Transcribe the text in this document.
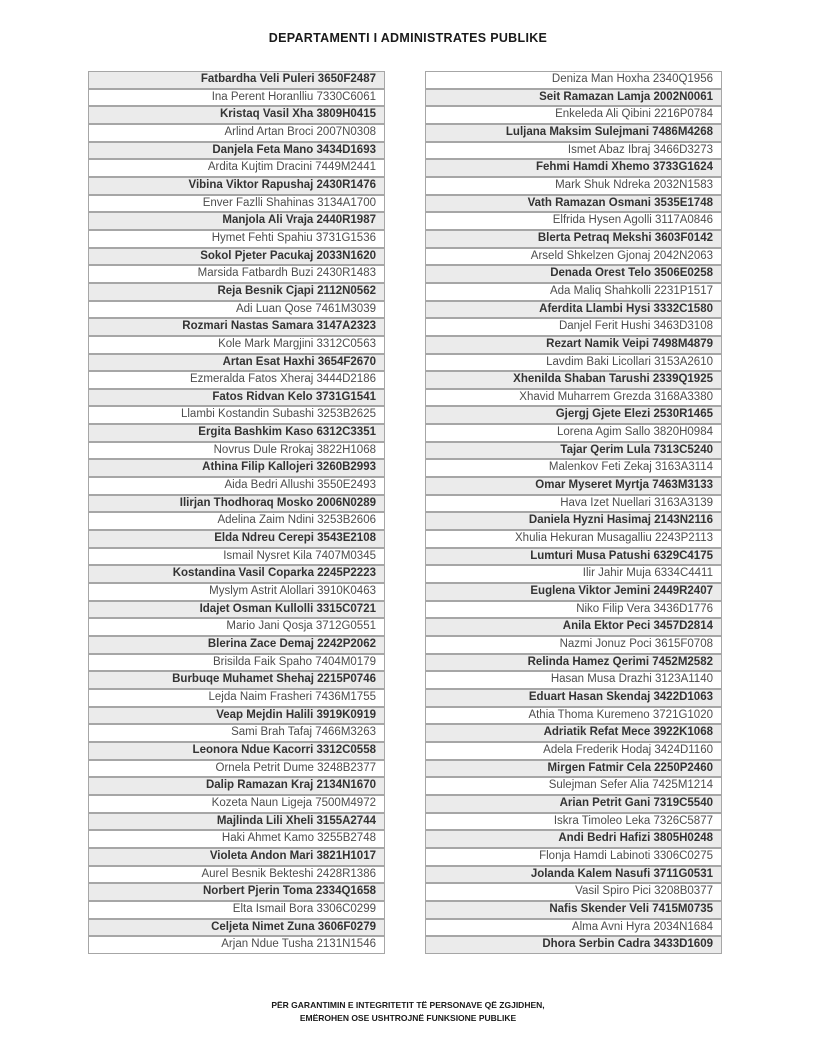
DEPARTAMENTI I ADMINISTRATES PUBLIKE
Fatbardha Veli Puleri 3650F2487
Ina Perent Horanlliu 7330C6061
Kristaq Vasil Xha 3809H0415
Arlind Artan Broci 2007N0308
Danjela Feta Mano 3434D1693
Ardita Kujtim Dracini 7449M2441
Vibina Viktor Rapushaj 2430R1476
Enver Fazlli Shahinas 3134A1700
Manjola Ali Vraja 2440R1987
Hymet Fehti Spahiu 3731G1536
Sokol Pjeter Pacukaj 2033N1620
Marsida Fatbardh Buzi 2430R1483
Reja Besnik Cjapi 2112N0562
Adi Luan Qose 7461M3039
Rozmari Nastas Samara 3147A2323
Kole Mark Margjini 3312C0563
Artan Esat Haxhi 3654F2670
Ezmeralda Fatos Xheraj 3444D2186
Fatos Ridvan Kelo 3731G1541
Llambi Kostandin Subashi 3253B2625
Ergita Bashkim Kaso 6312C3351
Novrus Dule Rrokaj 3822H1068
Athina Filip Kallojeri 3260B2993
Aida Bedri Allushi 3550E2493
Ilirjan Thodhoraq Mosko 2006N0289
Adelina Zaim Ndini 3253B2606
Elda Ndreu Cerepi 3543E2108
Ismail Nysret Kila 7407M0345
Kostandina Vasil Coparka 2245P2223
Myslym Astrit Alollari 3910K0463
Idajet Osman Kullolli 3315C0721
Mario Jani Qosja 3712G0551
Blerina Zace Demaj 2242P2062
Brisilda Faik Spaho 7404M0179
Burbuqe Muhamet Shehaj 2215P0746
Lejda Naim Frasheri 7436M1755
Veap Mejdin Halili 3919K0919
Sami Brah Tafaj 7466M3263
Leonora Ndue Kacorri 3312C0558
Ornela Petrit Dume 3248B2377
Dalip Ramazan Kraj 2134N1670
Kozeta Naun Ligeja 7500M4972
Majlinda Lili Xheli 3155A2744
Haki Ahmet Kamo 3255B2748
Violeta Andon Mari 3821H1017
Aurel Besnik Bekteshi 2428R1386
Norbert Pjerin Toma 2334Q1658
Elta Ismail Bora 3306C0299
Celjeta Nimet Zuna 3606F0279
Arjan Ndue Tusha 2131N1546
Deniza Man Hoxha 2340Q1956
Seit Ramazan Lamja 2002N0061
Enkeleda Ali Qibini 2216P0784
Luljana Maksim Sulejmani 7486M4268
Ismet Abaz Ibraj 3466D3273
Fehmi Hamdi Xhemo 3733G1624
Mark Shuk Ndreka 2032N1583
Vath Ramazan Osmani 3535E1748
Elfrida Hysen Agolli 3117A0846
Blerta Petraq Mekshi 3603F0142
Arseld Shkelzen Gjonaj 2042N2063
Denada Orest Telo 3506E0258
Ada Maliq Shahkolli 2231P1517
Aferdita Llambi Hysi 3332C1580
Danjel Ferit Hushi 3463D3108
Rezart Namik Veipi 7498M4879
Lavdim Baki Licollari 3153A2610
Xhenilda Shaban Tarushi 2339Q1925
Xhavid Muharrem Grezda 3168A3380
Gjergj Gjete Elezi 2530R1465
Lorena Agim Sallo 3820H0984
Tajar Qerim Lula 7313C5240
Malenkov Feti Zekaj 3163A3114
Omar Myseret Myrtja 7463M3133
Hava Izet Nuellari 3163A3139
Daniela Hyzni Hasimaj 2143N2116
Xhulia Hekuran Musagalliu 2243P2113
Lumturi Musa Patushi 6329C4175
Ilir Jahir Muja 6334C4411
Euglena Viktor Jemini 2449R2407
Niko Filip Vera 3436D1776
Anila Ektor Peci 3457D2814
Nazmi Jonuz Poci 3615F0708
Relinda Hamez Qerimi 7452M2582
Hasan Musa Drazhi 3123A1140
Eduart Hasan Skendaj 3422D1063
Athia Thoma Kuremeno 3721G1020
Adriatik Refat Mece 3922K1068
Adela Frederik Hodaj 3424D1160
Mirgen Fatmir Cela 2250P2460
Sulejman Sefer Alia 7425M1214
Arian Petrit Gani 7319C5540
Iskra Timoleo Leka 7326C5877
Andi Bedri Hafizi 3805H0248
Flonja Hamdi Labinoti 3306C0275
Jolanda Kalem Nasufi 3711G0531
Vasil Spiro Pici 3208B0377
Nafis Skender Veli 7415M0735
Alma Avni Hyra 2034N1684
Dhora Serbin Cadra 3433D1609
PËR GARANTIMIN E INTEGRITETIT TË PERSONAVE QË ZGJIDHEN,
EMËROHEN OSE USHTROJNË FUNKSIONE PUBLIKE
